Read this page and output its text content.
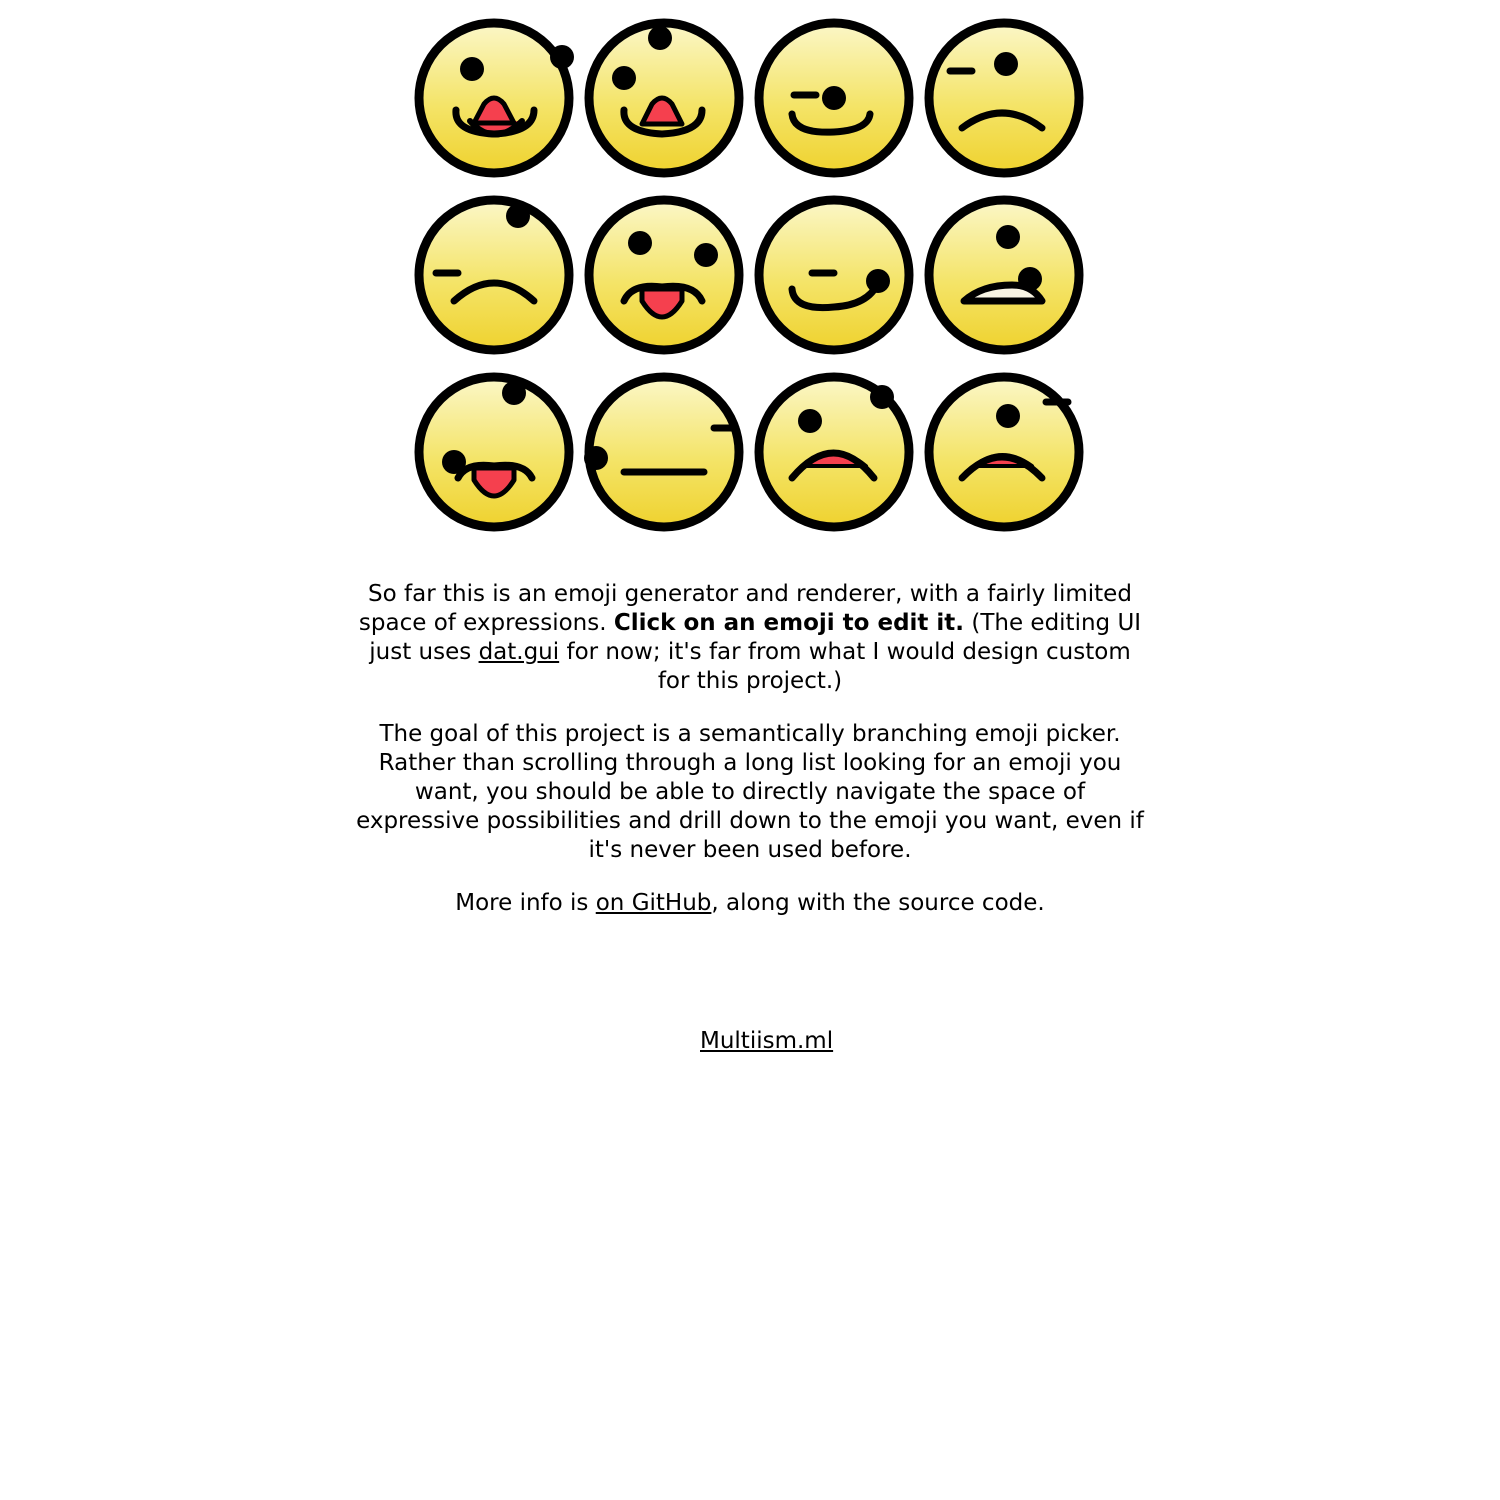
So far this is an emoji generator and renderer, with a fairly limited space of expressions. Click on an emoji to edit it. (The editing UI just uses dat.gui for now; it's far from what I would design custom for this project.)

The goal of this project is a semantically branching emoji picker. Rather than scrolling through a long list looking for an emoji you want, you should be able to directly navigate the space of expressive possibilities and drill down to the emoji you want, even if it's never been used before.

More info is on GitHub, along with the source code.

Multiism.ml
